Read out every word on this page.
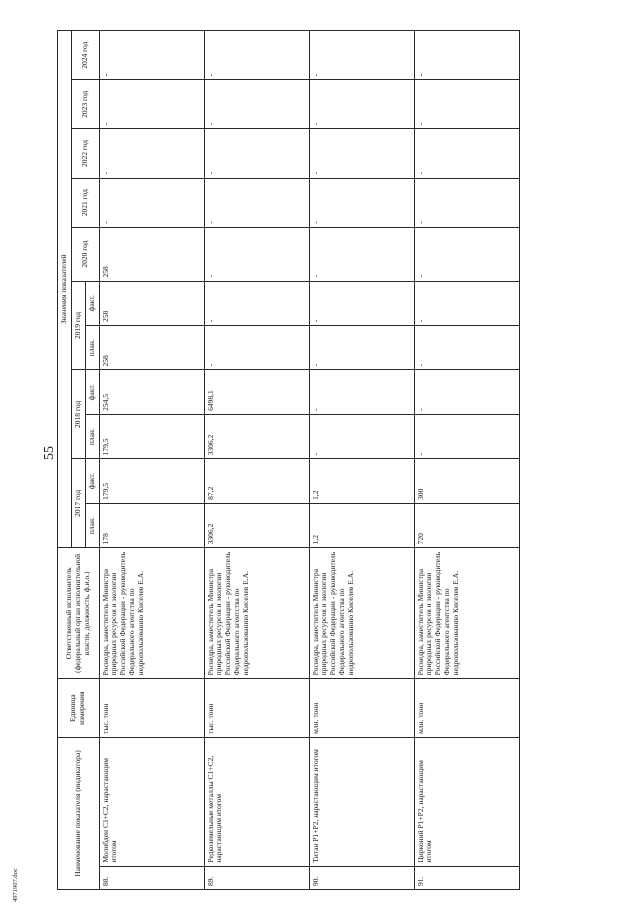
55
4971907.doc
Наименование показателя (индикатора)		Единица измерения	Ответственный исполнитель (федеральный орган исполнительной власти, должность, ф.и.о.)	Значения показателей										
				2017 год		2018 год		2019 год		2020 год	2021 год	2022 год	2023 год	2024 год
				план.	факт.	план.	факт.	план.	факт.					
88.	Молибден С1+С2, нарастающим итогом	тыс. тонн	Роснедра, заместитель Министра природных ресурсов и экологии Российской Федерации - руководитель Федерального агентства по недропользованию Киселев Е.А.	178	179,5	179,5	254,5	258	258	258	-	-	-	-
89.	Редкоземельные металлы С1+С2, нарастающим итогом	тыс. тонн	Роснедра, заместитель Министра природных ресурсов и экологии Российской Федерации - руководитель Федерального агентства по недропользованию Киселев Е.А.	3306,2	87,2	3306,2	6498,1	-	-	-	-	-	-	-
90.	Титан Р1+Р2, нарастающим итогом	млн. тонн	Роснедра, заместитель Министра природных ресурсов и экологии Российской Федерации - руководитель Федерального агентства по недропользованию Киселев Е.А.	1,2	1,2	-	-	-	-	-	-	-	-	-
91.	Цирконий Р1+Р2, нарастающим итогом	млн. тонн	Роснедра, заместитель Министра природных ресурсов и экологии Российской Федерации - руководитель Федерального агентства по недропользованию Киселев Е.А.	720	300	-	-	-	-	-	-	-	-	-
